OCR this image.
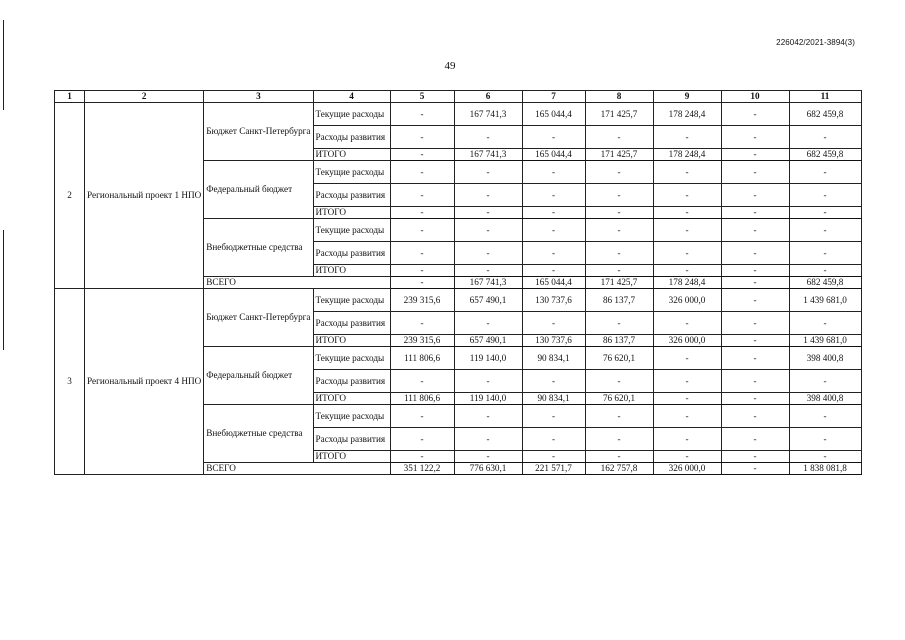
226042/2021-3894(3)
49
1	2	3	4	5	6	7	8	9	10	11
2	Региональный проект 1 НПО	Бюджет Санкт-Петербурга	Текущие расходы	-	167 741,3	165 044,4	171 425,7	178 248,4	-	682 459,8
			Расходы развития	-	-	-	-	-	-	-
			ИТОГО	-	167 741,3	165 044,4	171 425,7	178 248,4	-	682 459,8
		Федеральный бюджет	Текущие расходы	-	-	-	-	-	-	-
			Расходы развития	-	-	-	-	-	-	-
			ИТОГО	-	-	-	-	-	-	-
		Внебюджетные средства	Текущие расходы	-	-	-	-	-	-	-
			Расходы развития	-	-	-	-	-	-	-
			ИТОГО	-	-	-	-	-	-	-
		ВСЕГО		-	167 741,3	165 044,4	171 425,7	178 248,4	-	682 459,8
3	Региональный проект 4 НПО	Бюджет Санкт-Петербурга	Текущие расходы	239 315,6	657 490,1	130 737,6	86 137,7	326 000,0	-	1 439 681,0
			Расходы развития	-	-	-	-	-	-	-
			ИТОГО	239 315,6	657 490,1	130 737,6	86 137,7	326 000,0	-	1 439 681,0
		Федеральный бюджет	Текущие расходы	111 806,6	119 140,0	90 834,1	76 620,1	-	-	398 400,8
			Расходы развития	-	-	-	-	-	-	-
			ИТОГО	111 806,6	119 140,0	90 834,1	76 620,1	-	-	398 400,8
		Внебюджетные средства	Текущие расходы	-	-	-	-	-	-	-
			Расходы развития	-	-	-	-	-	-	-
			ИТОГО	-	-	-	-	-	-	-
		ВСЕГО		351 122,2	776 630,1	221 571,7	162 757,8	326 000,0	-	1 838 081,8
